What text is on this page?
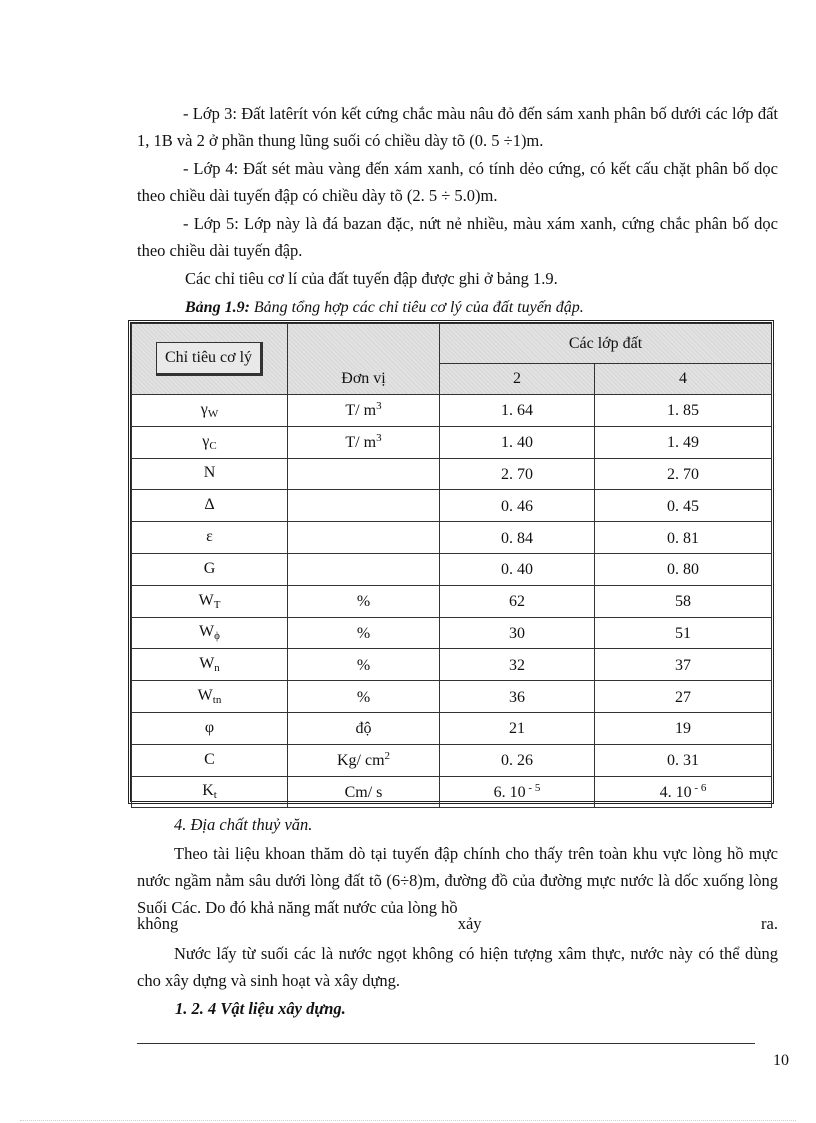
- Lớp 3: Đất latêrít vón kết cứng chắc màu nâu đỏ đến sám xanh phân bố dưới các lớp đất 1, 1B và 2 ở phần thung lũng suối có chiều dày tõ (0. 5 ÷1)m.

- Lớp 4: Đất sét màu vàng đến xám xanh, có tính dẻo cứng, có kết cấu chặt phân bố dọc theo chiều dài tuyến đập có chiều dày tõ (2. 5 ÷ 5.0)m.

- Lớp 5: Lớp này là đá bazan đặc, nứt nẻ nhiều, màu xám xanh, cứng chắc phân bố dọc theo chiều dài tuyến đập.

Các chỉ tiêu cơ lí của đất tuyến đập được ghi ở bảng 1.9.

Bảng 1.9: Bảng tổng hợp các chỉ tiêu cơ lý của đất tuyến đập.
Chỉ tiêu cơ lý	Đơn vị	Các lớp đất	
		2	4
$\gamma_W$	T/ $m^3$	1. 64	1. 85
$\gamma_C$	T/ $m^3$	1. 40	1. 49
N		2. 70	2. 70
Δ		0. 46	0. 45
ε		0. 84	0. 81
G		0. 40	0. 80
$W_T$	%	62	58
$W_\phi$	%	30	51
$W_n$	%	32	37
$W_{tn}$	%	36	27
φ	độ	21	19
C	Kg/ $cm^2$	0. 26	0. 31
$K_t$	Cm/ s	6. 10 $^{- 5}$	4. 10 $^{- 6}$
4. Địa chất thuỷ văn.

Theo tài liệu khoan thăm dò tại tuyến đập chính cho thấy trên toàn khu vực lòng hồ mực nước ngầm nằm sâu dưới lòng đất tõ (6÷8)m, đường đồ của đường mực nước là dốc xuống lòng Suối Các. Do đó khả năng mất nước của lòng hồ

không	xảy	ra.

Nước lấy từ suối các là nước ngọt không có hiện tượng xâm thực, nước này có thể dùng cho xây dựng và sinh hoạt và xây dựng.

1. 2. 4 Vật liệu xây dựng.
10
